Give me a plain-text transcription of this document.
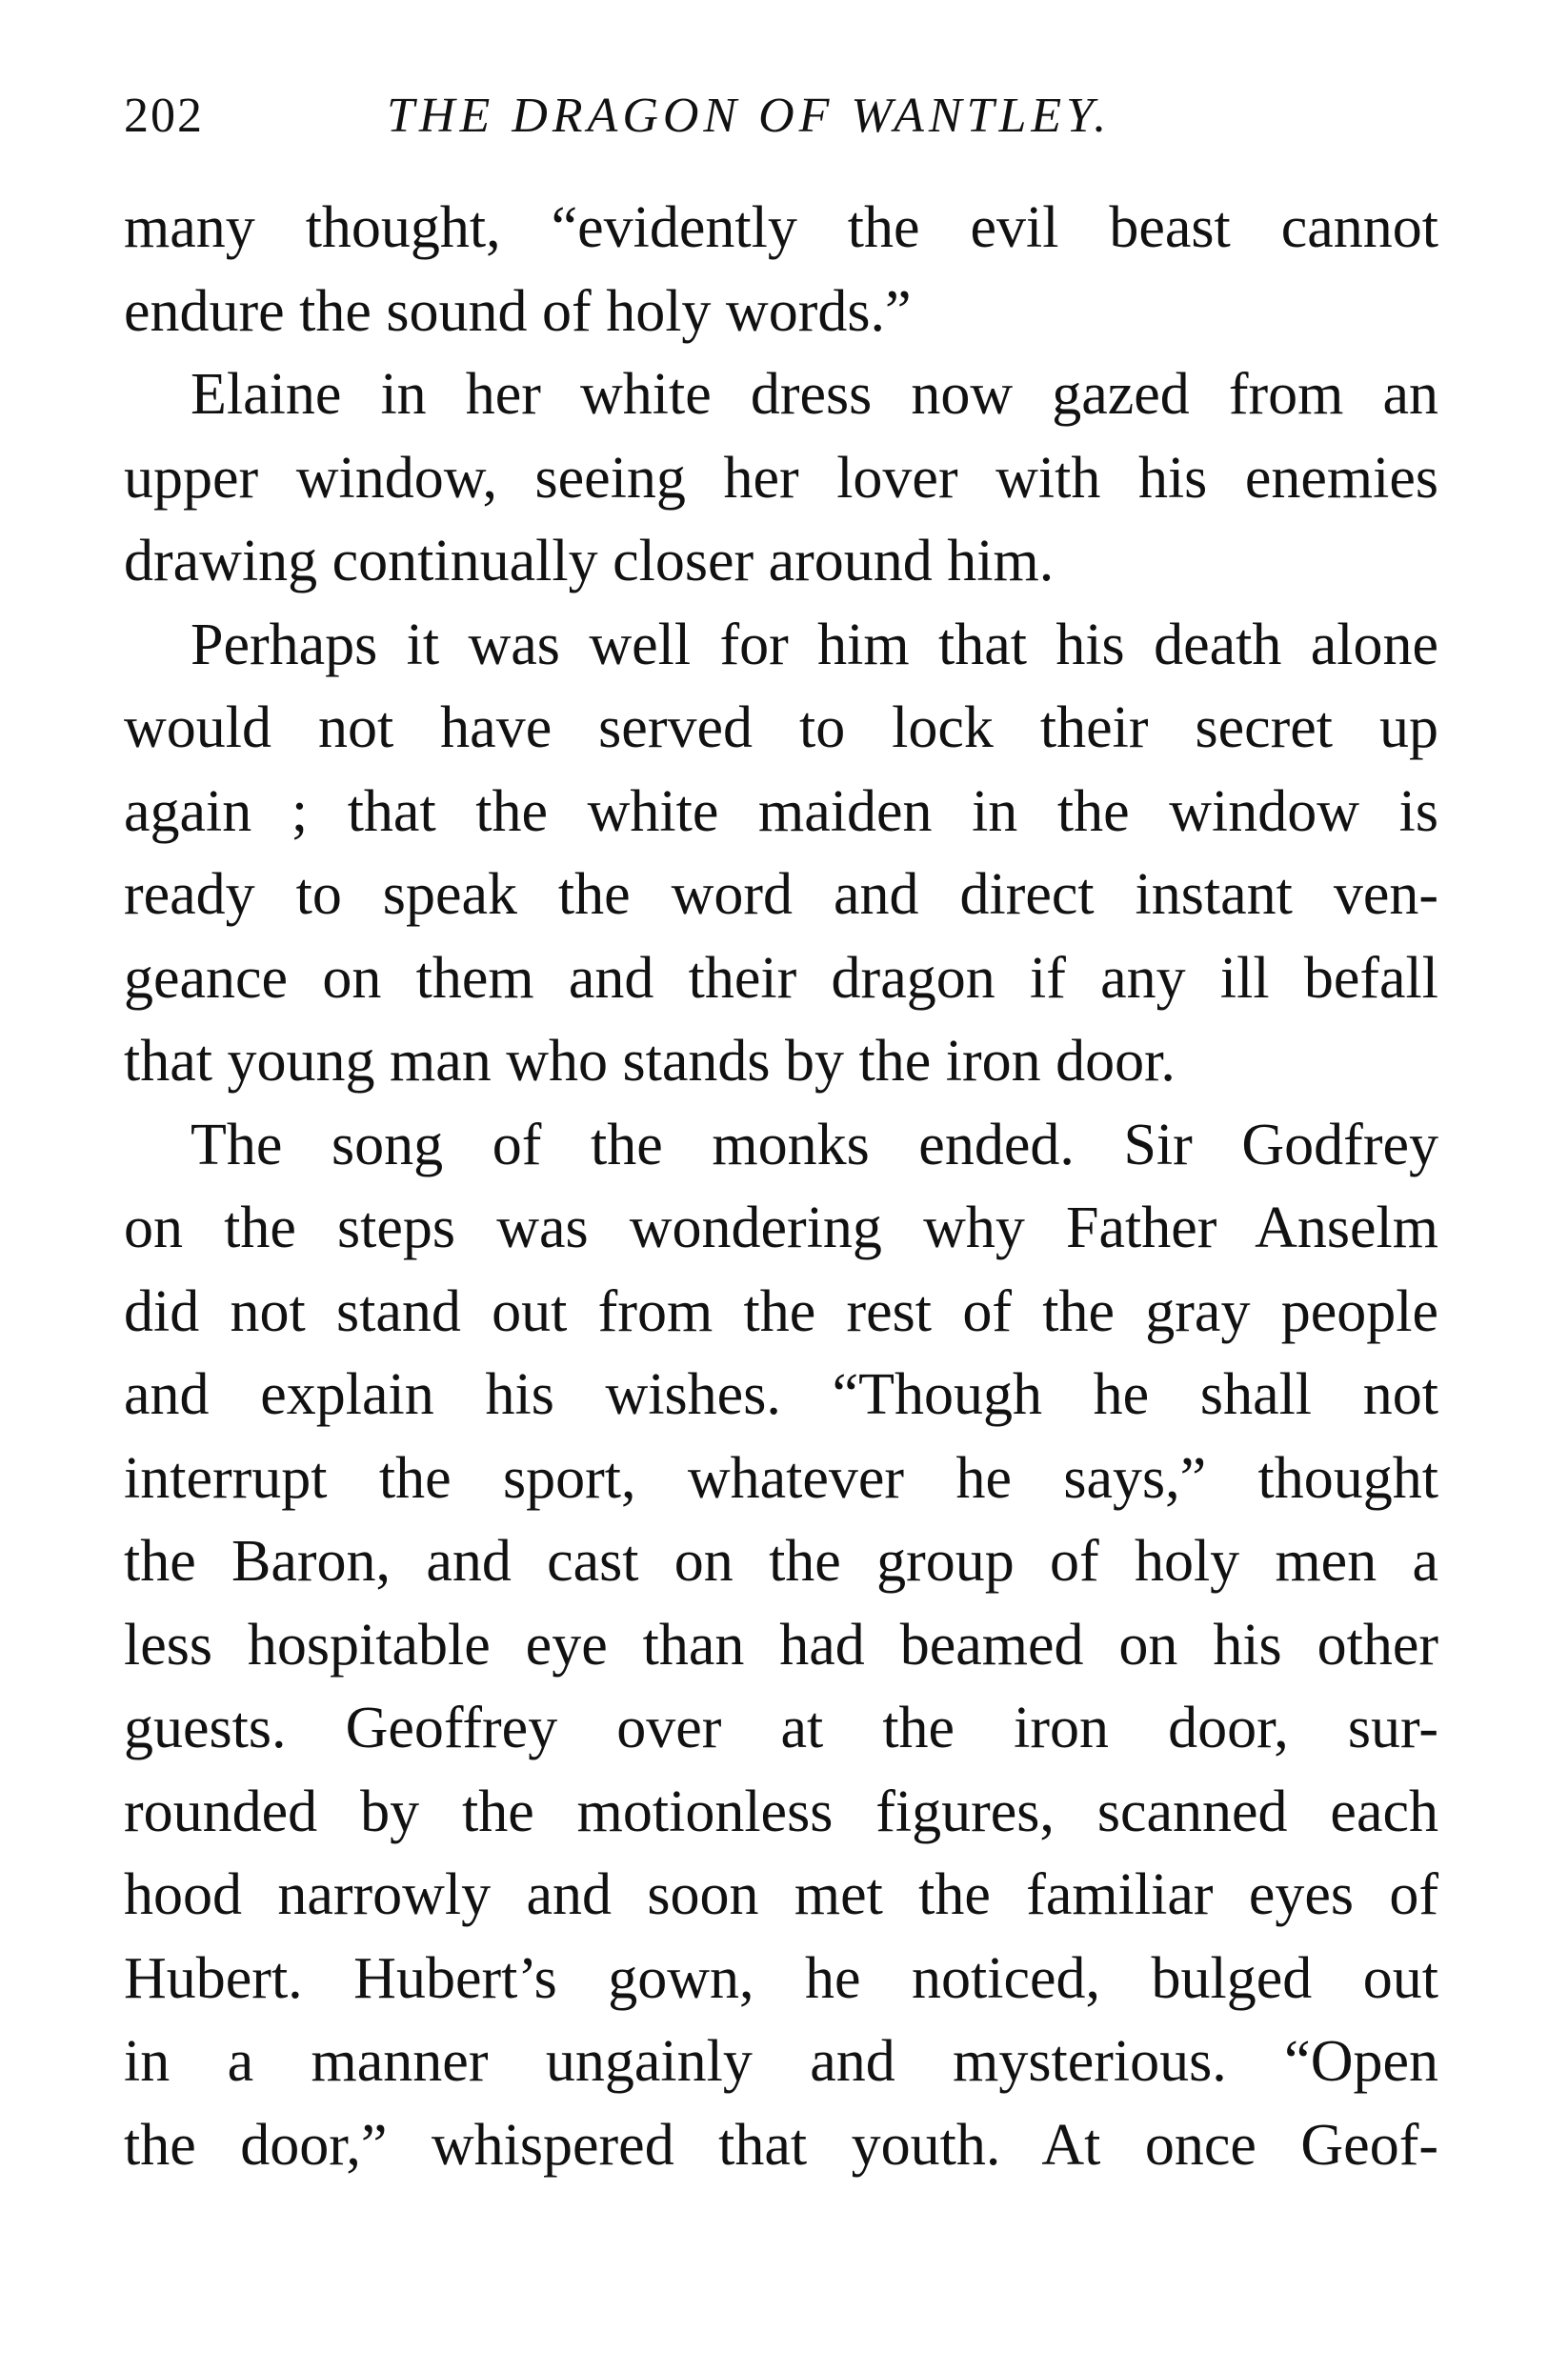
202	THE DRAGON OF WANTLEY.
many thought, “evidently the evil beast cannot
endure the sound of holy words.”
Elaine in her white dress now gazed from an
upper window, seeing her lover with his enemies
drawing continually closer around him.
Perhaps it was well for him that his death alone
would not have served to lock their secret up
again ; that the white maiden in the window is
ready to speak the word and direct instant ven-
geance on them and their dragon if any ill befall
that young man who stands by the iron door.
The song of the monks ended. Sir Godfrey
on the steps was wondering why Father Anselm
did not stand out from the rest of the gray people
and explain his wishes. “Though he shall not
interrupt the sport, whatever he says,” thought
the Baron, and cast on the group of holy men a
less hospitable eye than had beamed on his other
guests. Geoffrey over at the iron door, sur-
rounded by the motionless figures, scanned each
hood narrowly and soon met the familiar eyes of
Hubert. Hubert’s gown, he noticed, bulged out
in a manner ungainly and mysterious. “Open
the door,” whispered that youth. At once Geof-
